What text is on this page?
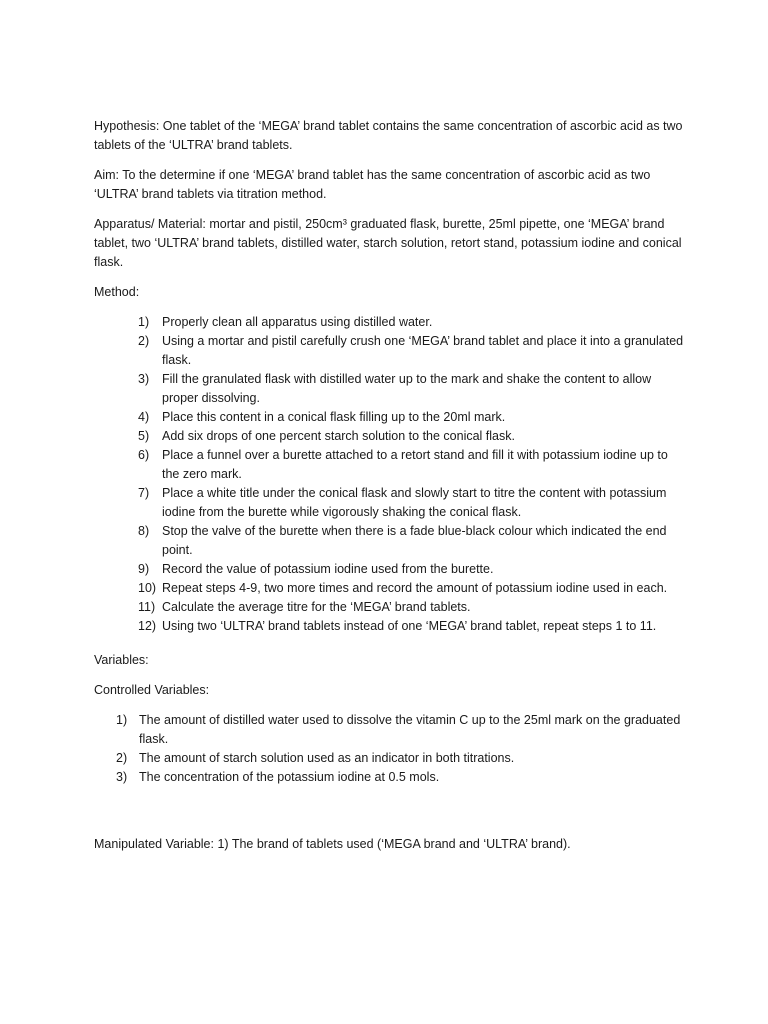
Hypothesis: One tablet of the ‘MEGA’ brand tablet contains the same concentration of ascorbic acid as two tablets of the ‘ULTRA’ brand tablets.

Aim: To the determine if one ‘MEGA’ brand tablet has the same concentration of ascorbic acid as two ‘ULTRA’ brand tablets via titration method.

Apparatus/ Material: mortar and pistil, 250cm³ graduated flask, burette, 25ml pipette, one ‘MEGA’ brand tablet, two ‘ULTRA’ brand tablets, distilled water, starch solution, retort stand, potassium iodine and conical flask.

Method:

1) Properly clean all apparatus using distilled water.
2) Using a mortar and pistil carefully crush one ‘MEGA’ brand tablet and place it into a granulated flask.
3) Fill the granulated flask with distilled water up to the mark and shake the content to allow proper dissolving.
4) Place this content in a conical flask filling up to the 20ml mark.
5) Add six drops of one percent starch solution to the conical flask.
6) Place a funnel over a burette attached to a retort stand and fill it with potassium iodine up to the zero mark.
7) Place a white title under the conical flask and slowly start to titre the content with potassium iodine from the burette while vigorously shaking the conical flask.
8) Stop the valve of the burette when there is a fade blue-black colour which indicated the end point.
9) Record the value of potassium iodine used from the burette.
10) Repeat steps 4-9, two more times and record the amount of potassium iodine used in each.
11) Calculate the average titre for the ‘MEGA’ brand tablets.
12) Using two ‘ULTRA’ brand tablets instead of one ‘MEGA’ brand tablet, repeat steps 1 to 11.

Variables:

Controlled Variables:

1) The amount of distilled water used to dissolve the vitamin C up to the 25ml mark on the graduated flask.
2) The amount of starch solution used as an indicator in both titrations.
3) The concentration of the potassium iodine at 0.5 mols.

Manipulated Variable: 1) The brand of tablets used (‘MEGA brand and ‘ULTRA’ brand).
